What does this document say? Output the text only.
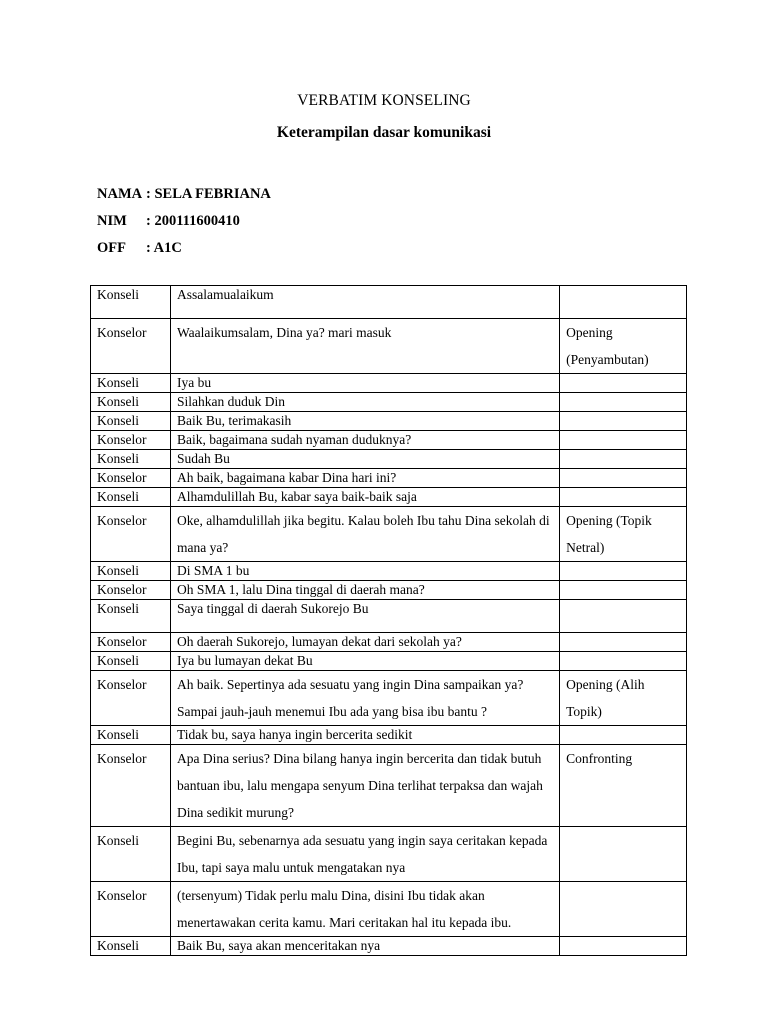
VERBATIM KONSELING
Keterampilan dasar komunikasi
NAMA : SELA FEBRIANA
NIM : 200111600410
OFF : A1C
Konseli	Assalamualaikum	
Konselor	Waalaikumsalam, Dina ya? mari masuk	Opening (Penyambutan)
Konseli	Iya bu	
Konseli	Silahkan duduk Din	
Konseli	Baik Bu, terimakasih	
Konselor	Baik, bagaimana sudah nyaman duduknya?	
Konseli	Sudah Bu	
Konselor	Ah baik, bagaimana kabar Dina hari ini?	
Konseli	Alhamdulillah Bu, kabar saya baik-baik saja	
Konselor	Oke, alhamdulillah jika begitu. Kalau boleh Ibu tahu Dina sekolah di mana ya?	Opening (Topik Netral)
Konseli	Di SMA 1 bu	
Konselor	Oh SMA 1, lalu Dina tinggal di daerah mana?	
Konseli	Saya tinggal di daerah Sukorejo Bu	
Konselor	Oh daerah Sukorejo, lumayan dekat dari sekolah ya?	
Konseli	Iya bu lumayan dekat Bu	
Konselor	Ah baik. Sepertinya ada sesuatu yang ingin Dina sampaikan ya? Sampai jauh-jauh menemui Ibu ada yang bisa ibu bantu ?	Opening (Alih Topik)
Konseli	Tidak bu, saya hanya ingin bercerita sedikit	
Konselor	Apa Dina serius? Dina bilang hanya ingin bercerita dan tidak butuh bantuan ibu, lalu mengapa senyum Dina terlihat terpaksa dan wajah Dina sedikit murung?	Confronting
Konseli	Begini Bu, sebenarnya ada sesuatu yang ingin saya ceritakan kepada Ibu, tapi saya malu untuk mengatakan nya	
Konselor	(tersenyum) Tidak perlu malu Dina, disini Ibu tidak akan menertawakan cerita kamu. Mari ceritakan hal itu kepada ibu.	
Konseli	Baik Bu, saya akan menceritakan nya	
